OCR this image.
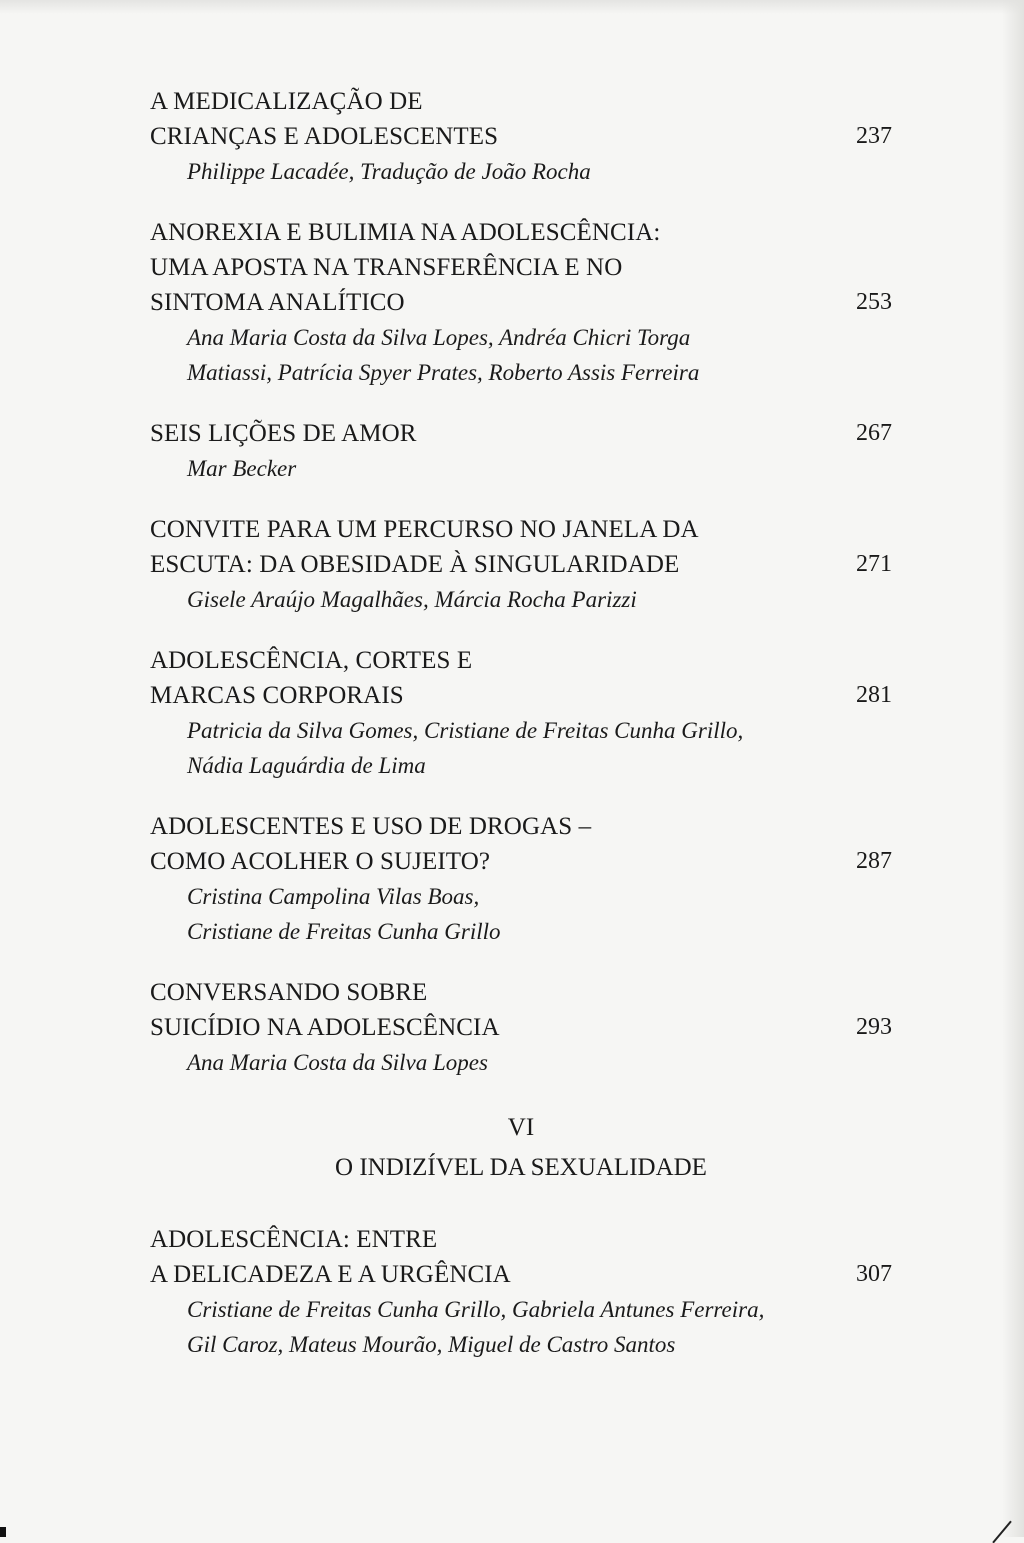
A MEDICALIZAÇÃO DE
CRIANÇAS E ADOLESCENTES	237
Philippe Lacadée, Tradução de João Rocha
ANOREXIA E BULIMIA NA ADOLESCÊNCIA:
UMA APOSTA NA TRANSFERÊNCIA E NO
SINTOMA ANALÍTICO	253
Ana Maria Costa da Silva Lopes, Andréa Chicri Torga
Matiassi, Patrícia Spyer Prates, Roberto Assis Ferreira
SEIS LIÇÕES DE AMOR	267
Mar Becker
CONVITE PARA UM PERCURSO NO JANELA DA
ESCUTA: DA OBESIDADE À SINGULARIDADE	271
Gisele Araújo Magalhães, Márcia Rocha Parizzi
ADOLESCÊNCIA, CORTES E
MARCAS CORPORAIS	281
Patricia da Silva Gomes, Cristiane de Freitas Cunha Grillo,
Nádia Laguárdia de Lima
ADOLESCENTES E USO DE DROGAS –
COMO ACOLHER O SUJEITO?	287
Cristina Campolina Vilas Boas,
Cristiane de Freitas Cunha Grillo
CONVERSANDO SOBRE
SUICÍDIO NA ADOLESCÊNCIA	293
Ana Maria Costa da Silva Lopes
VI
O INDIZÍVEL DA SEXUALIDADE
ADOLESCÊNCIA: ENTRE
A DELICADEZA E A URGÊNCIA	307
Cristiane de Freitas Cunha Grillo, Gabriela Antunes Ferreira,
Gil Caroz, Mateus Mourão, Miguel de Castro Santos
